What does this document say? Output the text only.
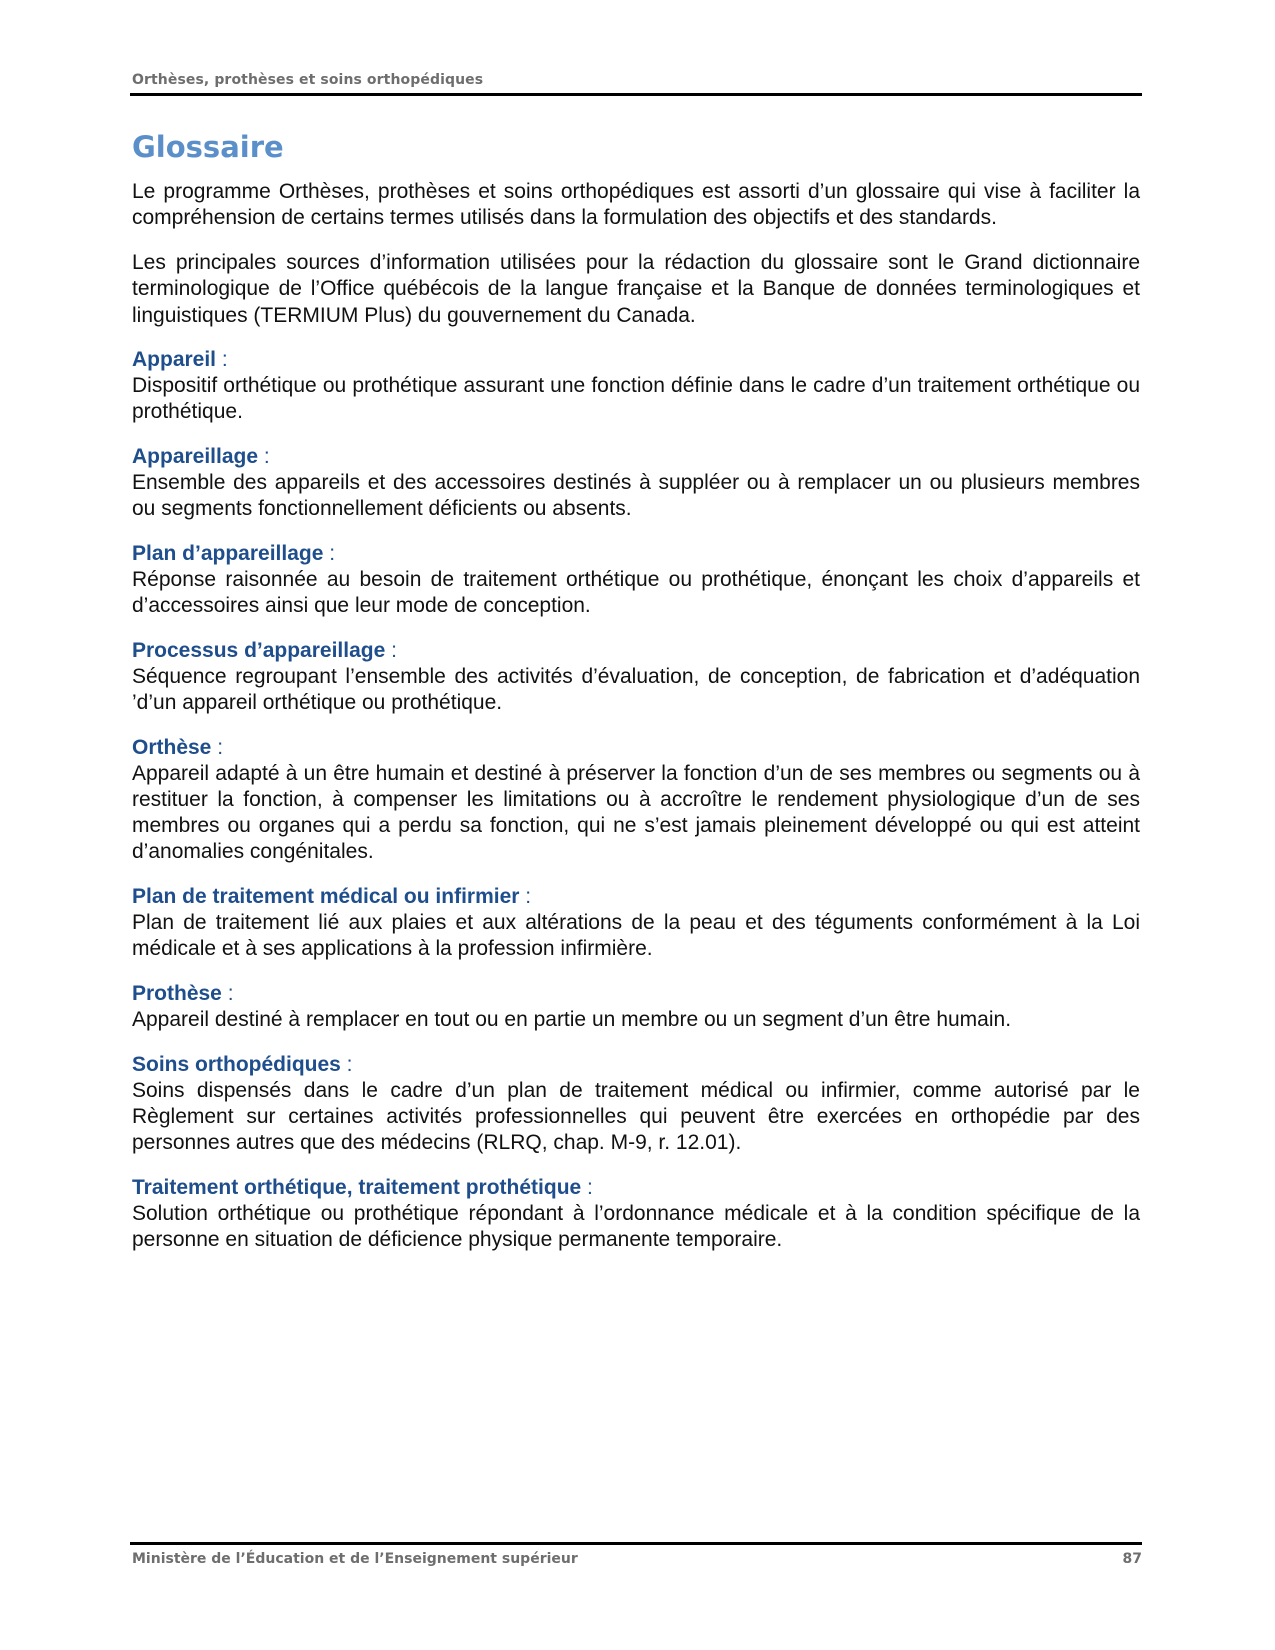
Orthèses, prothèses et soins orthopédiques
Glossaire

Le programme Orthèses, prothèses et soins orthopédiques est assorti d’un glossaire qui vise à faciliter la compréhension de certains termes utilisés dans la formulation des objectifs et des standards.

Les principales sources d’information utilisées pour la rédaction du glossaire sont le Grand dictionnaire terminologique de l’Office québécois de la langue française et la Banque de données terminologiques et linguistiques (TERMIUM Plus) du gouvernement du Canada.

Appareil :

Dispositif orthétique ou prothétique assurant une fonction définie dans le cadre d’un traitement orthétique ou prothétique.

Appareillage :

Ensemble des appareils et des accessoires destinés à suppléer ou à remplacer un ou plusieurs membres ou segments fonctionnellement déficients ou absents.

Plan d’appareillage :

Réponse raisonnée au besoin de traitement orthétique ou prothétique, énonçant les choix d’appareils et d’accessoires ainsi que leur mode de conception.

Processus d’appareillage :

Séquence regroupant l’ensemble des activités d’évaluation, de conception, de fabrication et d’adéquation ’d’un appareil orthétique ou prothétique.

Orthèse :

Appareil adapté à un être humain et destiné à préserver la fonction d’un de ses membres ou segments ou à restituer la fonction, à compenser les limitations ou à accroître le rendement physiologique d’un de ses membres ou organes qui a perdu sa fonction, qui ne s’est jamais pleinement développé ou qui est atteint d’anomalies congénitales.

Plan de traitement médical ou infirmier :

Plan de traitement lié aux plaies et aux altérations de la peau et des téguments conformément à la Loi médicale et à ses applications à la profession infirmière.

Prothèse :

Appareil destiné à remplacer en tout ou en partie un membre ou un segment d’un être humain.

Soins orthopédiques :

Soins dispensés dans le cadre d’un plan de traitement médical ou infirmier, comme autorisé par le Règlement sur certaines activités professionnelles qui peuvent être exercées en orthopédie par des personnes autres que des médecins (RLRQ, chap. M-9, r. 12.01).

Traitement orthétique, traitement prothétique :

Solution orthétique ou prothétique répondant à l’ordonnance médicale et à la condition spécifique de la personne en situation de déficience physique permanente temporaire.

Ministère de l’Éducation et de l’Enseignement supérieur	87
